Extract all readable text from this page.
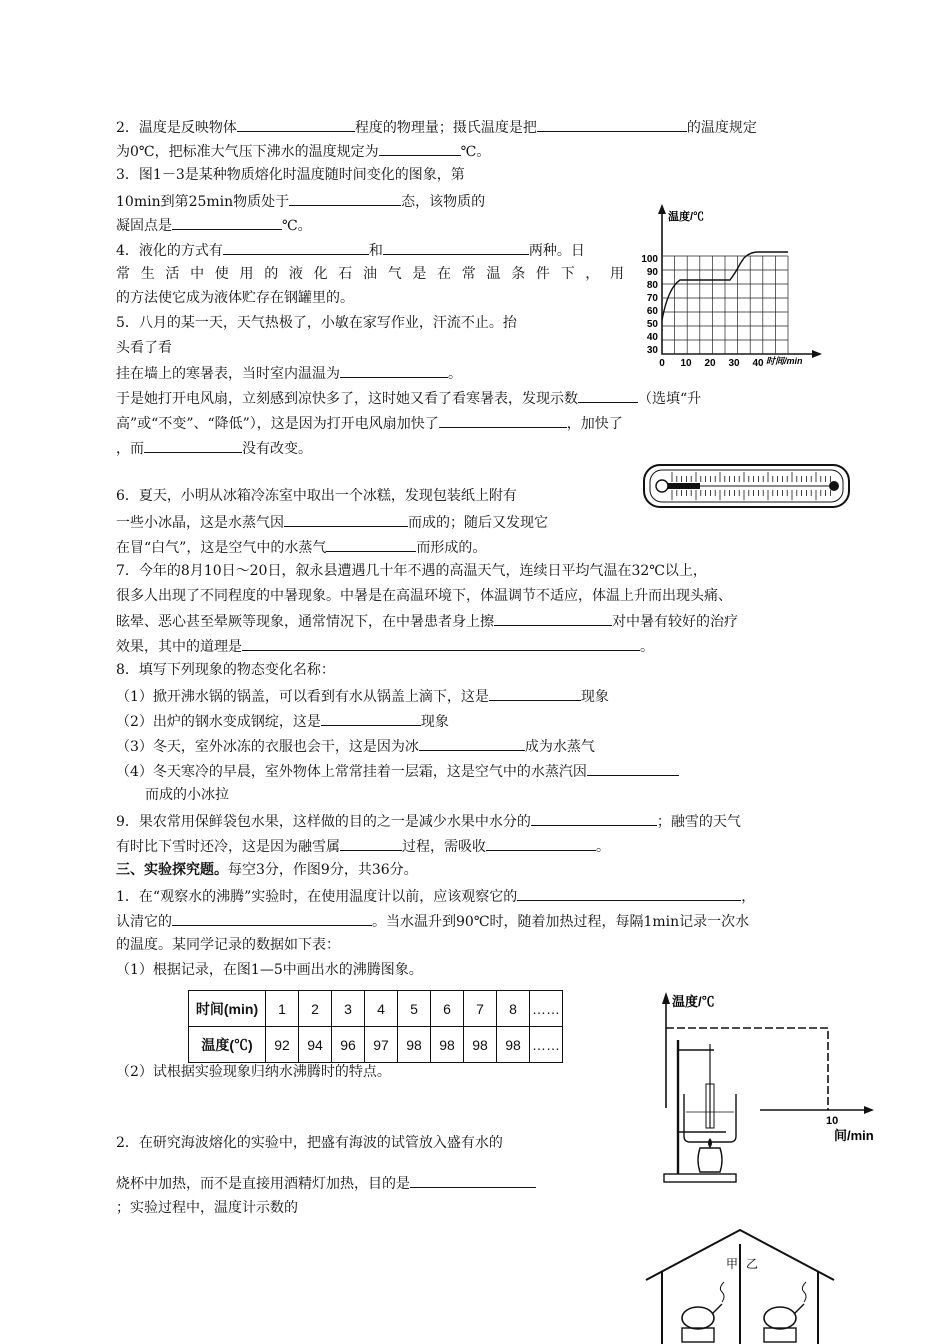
2．温度是反映物体	程度的物理量；摄氏温度是把	的温度规定
为0℃，把标准大气压下沸水的温度规定为	℃。
3．图1－3是某种物质熔化时温度随时间变化的图象，第
10min到第25min物质处于	态，该物质的
凝固点是	℃。
4．液化的方式有	和	两种。日
常生活中使用的液化石油气是在常温条件下，用
的方法使它成为液体贮存在钢罐里的。
5．八月的某一天，天气热极了，小敏在家写作业，汗流不止。抬
头看了看
挂在墙上的寒暑表，当时室内温温为	。
于是她打开电风扇，立刻感到凉快多了，这时她又看了看寒暑表，发现示数	（选填“升
高”或“不变”、“降低”），这是因为打开电风扇加快了	，加快了
，而	没有改变。
6．夏天，小明从冰箱冷冻室中取出一个冰糕，发现包装纸上附有
一些小冰晶，这是水蒸气因	而成的；随后又发现它
在冒“白气”，这是空气中的水蒸气	而形成的。
7．今年的8月10日～20日，叙永县遭遇几十年不遇的高温天气，连续日平均气温在32℃以上，
很多人出现了不同程度的中暑现象。中暑是在高温环境下，体温调节不适应，体温上升而出现头痛、
眩晕、恶心甚至晕厥等现象，通常情况下，在中暑患者身上擦	对中暑有较好的治疗
效果，其中的道理是	。
8．填写下列现象的物态变化名称：
（1）掀开沸水锅的锅盖，可以看到有水从锅盖上滴下，这是	现象
（2）出炉的钢水变成钢绽，这是	现象
（3）冬天，室外冰冻的衣服也会干，这是因为冰	成为水蒸气
（4）冬天寒冷的早晨，室外物体上常常挂着一层霜，这是空气中的水蒸汽因
而成的小冰拉
9．果农常用保鲜袋包水果，这样做的目的之一是减少水果中水分的	；融雪的天气
有时比下雪时还冷，这是因为融雪属	过程，需吸收	。
三、实验探究题。每空3分，作图9分，共36分。
1．在“观察水的沸腾”实验时，在使用温度计以前，应该观察它的	，
认清它的	。当水温升到90℃时，随着加热过程，每隔1min记录一次水
的温度。某同学记录的数据如下表：
（1）根据记录，在图1—5中画出水的沸腾图象。
（2）试根据实验现象归纳水沸腾时的特点。
时间(min)	1	2	3	4	5	6	7	8	……
温度(℃)	92	94	96	97	98	98	98	98	……
2．在研究海波熔化的实验中，把盛有海波的试管放入盛有水的
烧杯中加热，而不是直接用酒精灯加热，目的是
；实验过程中，温度计示数的
温度/℃
100
90
80
70
60
50
40
30
0 10 20 30 40 时间/min
温度/℃
10
间/min
甲 乙
